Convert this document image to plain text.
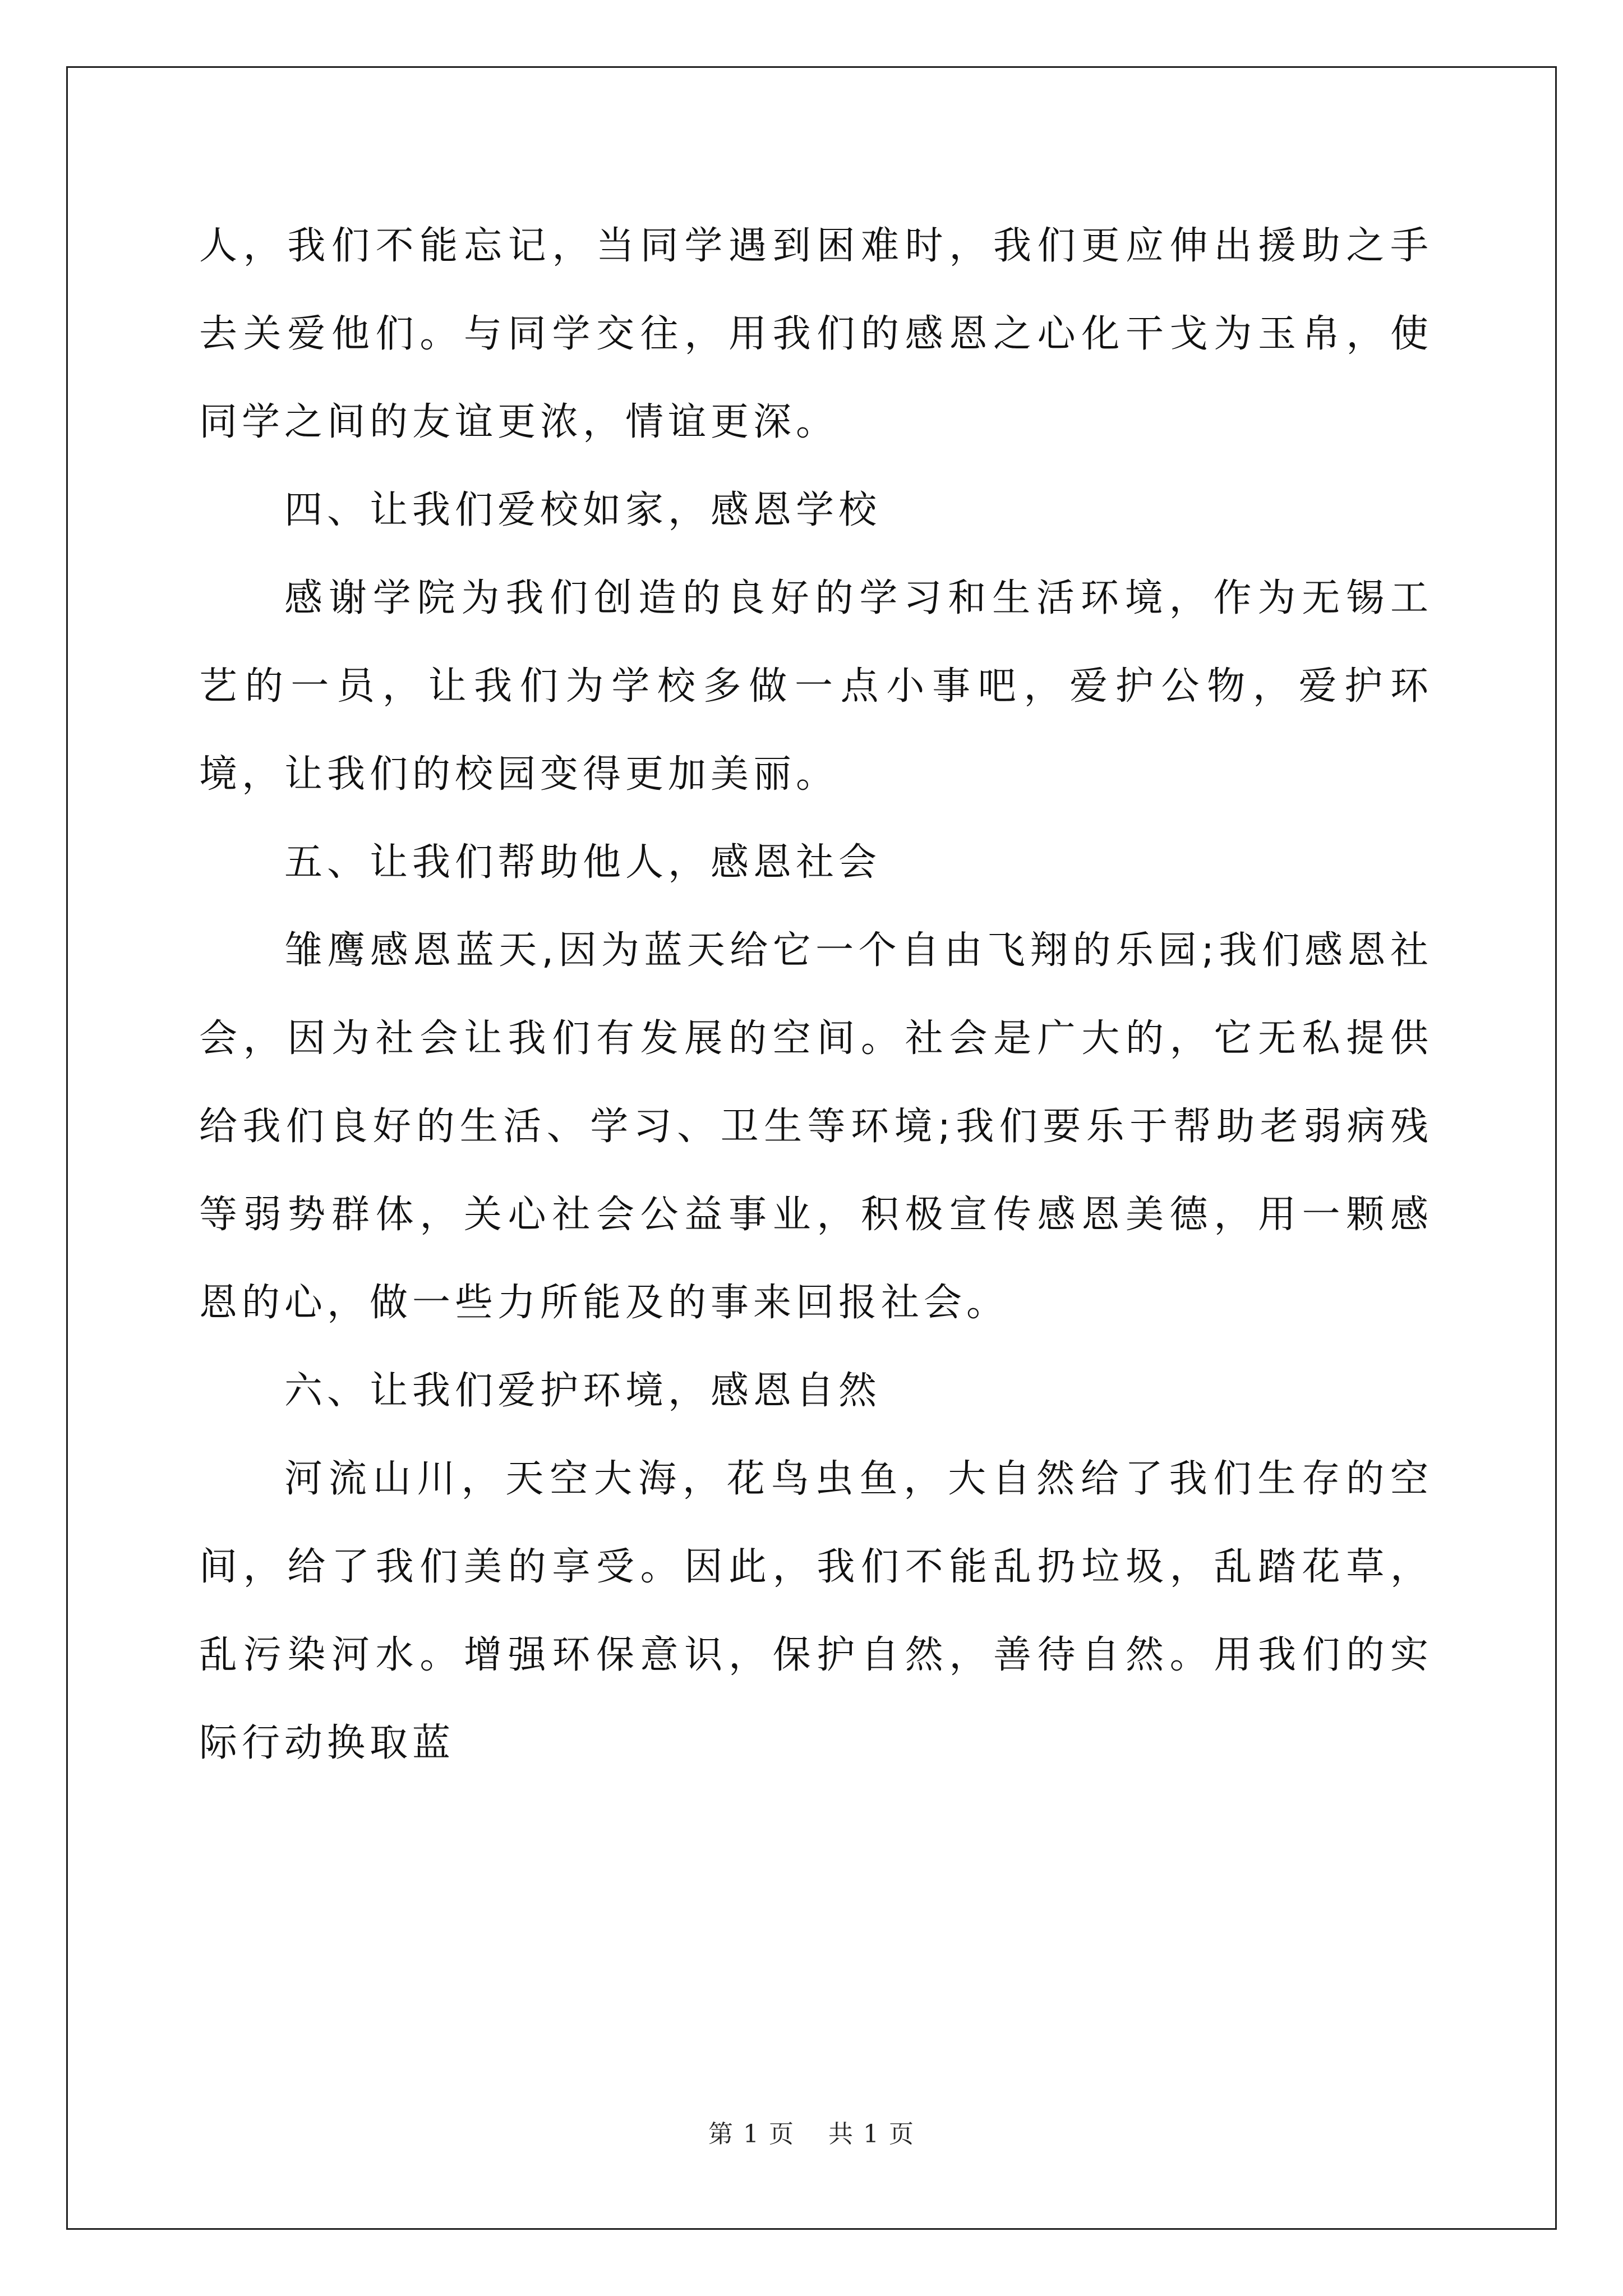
人，我们不能忘记，当同学遇到困难时，我们更应伸出援助之手去关爱他们。与同学交往，用我们的感恩之心化干戈为玉帛，使同学之间的友谊更浓，情谊更深。

四、让我们爱校如家，感恩学校

感谢学院为我们创造的良好的学习和生活环境，作为无锡工艺的一员，让我们为学校多做一点小事吧，爱护公物，爱护环境，让我们的校园变得更加美丽。

五、让我们帮助他人，感恩社会

雏鹰感恩蓝天,因为蓝天给它一个自由飞翔的乐园;我们感恩社会，因为社会让我们有发展的空间。社会是广大的，它无私提供给我们良好的生活、学习、卫生等环境;我们要乐于帮助老弱病残等弱势群体，关心社会公益事业，积极宣传感恩美德，用一颗感恩的心，做一些力所能及的事来回报社会。

六、让我们爱护环境，感恩自然

河流山川，天空大海，花鸟虫鱼，大自然给了我们生存的空间，给了我们美的享受。因此，我们不能乱扔垃圾，乱踏花草，乱污染河水。增强环保意识，保护自然，善待自然。用我们的实际行动换取蓝

第 1 页 共 1 页
